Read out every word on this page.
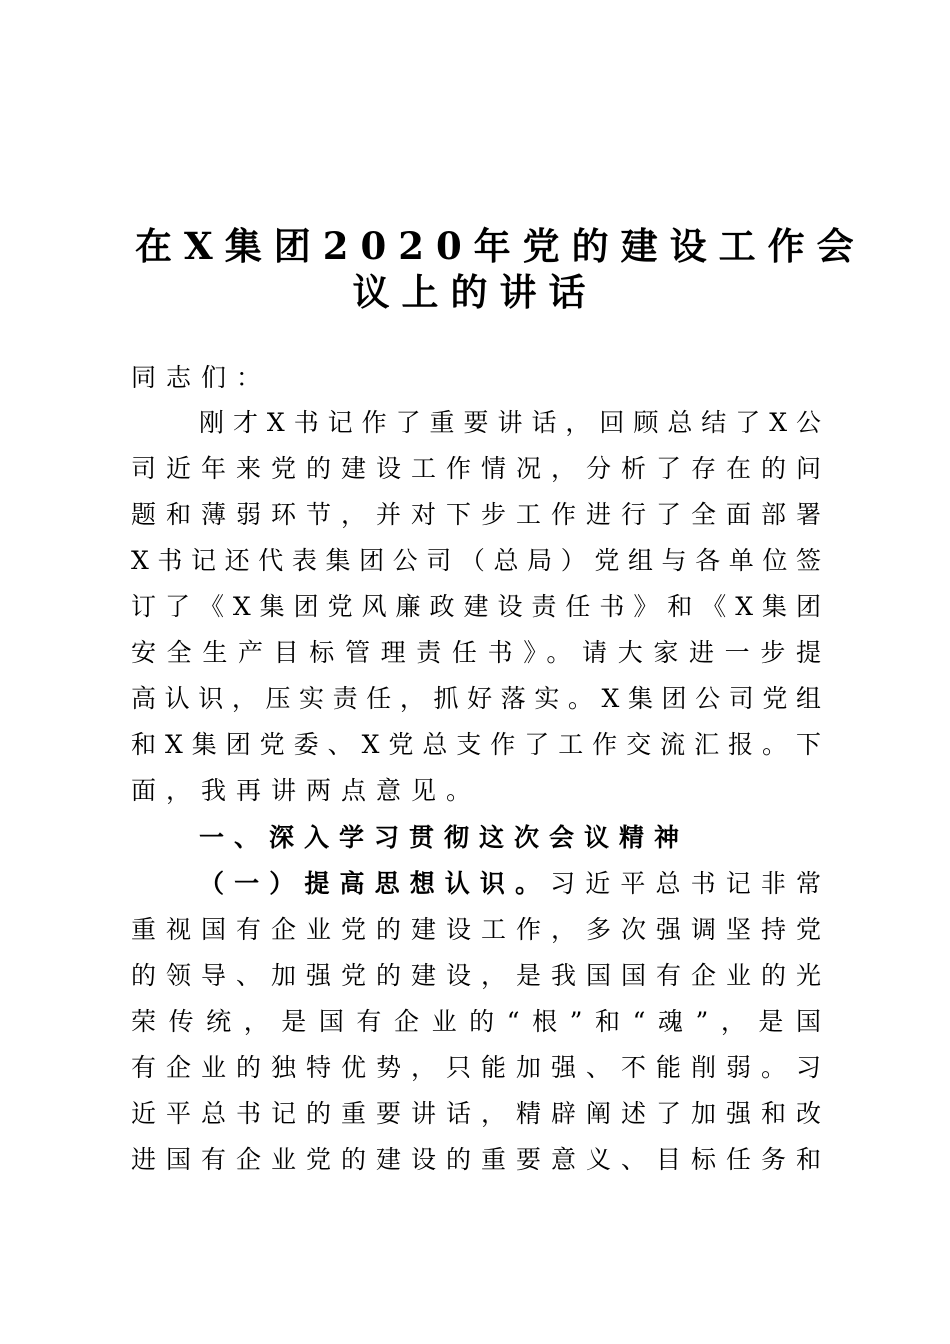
在X集团2020年党的建设工作会
议上的讲话
同志们：
刚才X书记作了重要讲话，回顾总结了X公
司近年来党的建设工作情况，分析了存在的问
题和薄弱环节，并对下步工作进行了全面部署
X书记还代表集团公司（总局）党组与各单位签
订了《X集团党风廉政建设责任书》和《X集团
安全生产目标管理责任书》。请大家进一步提
高认识，压实责任，抓好落实。X集团公司党组
和X集团党委、X党总支作了工作交流汇报。下
面，我再讲两点意见。
一、深入学习贯彻这次会议精神
（一）提高思想认识。习近平总书记非常
重视国有企业党的建设工作，多次强调坚持党
的领导、加强党的建设，是我国国有企业的光
荣传统，是国有企业的“根”和“魂”，是国
有企业的独特优势，只能加强、不能削弱。习
近平总书记的重要讲话，精辟阐述了加强和改
进国有企业党的建设的重要意义、目标任务和
